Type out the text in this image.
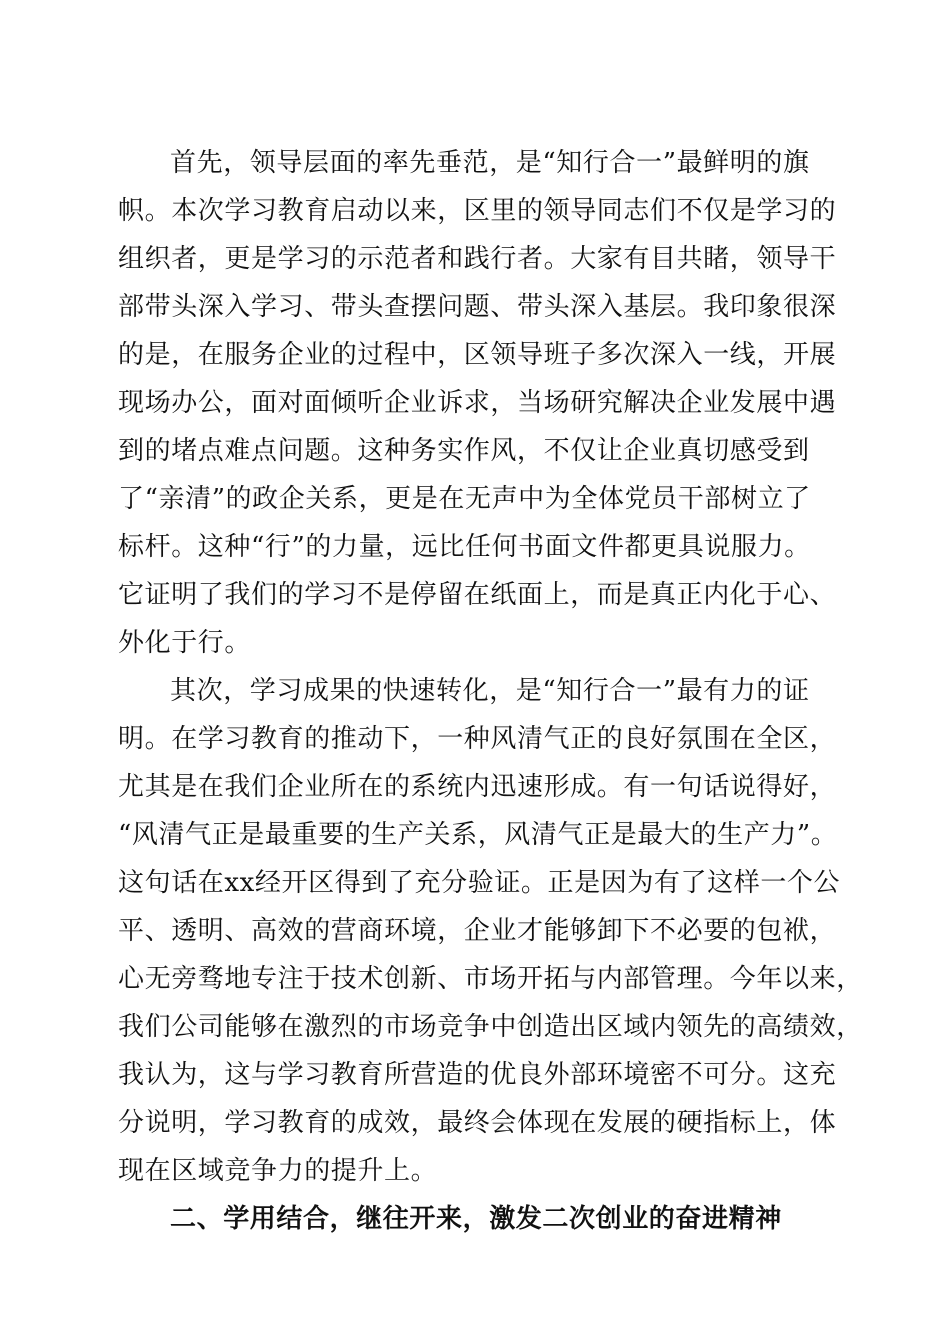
首先，领导层面的率先垂范，是“知行合一”最鲜明的旗
帜。本次学习教育启动以来，区里的领导同志们不仅是学习的
组织者，更是学习的示范者和践行者。大家有目共睹，领导干
部带头深入学习、带头查摆问题、带头深入基层。我印象很深
的是，在服务企业的过程中，区领导班子多次深入一线，开展
现场办公，面对面倾听企业诉求，当场研究解决企业发展中遇
到的堵点难点问题。这种务实作风，不仅让企业真切感受到
了“亲清”的政企关系，更是在无声中为全体党员干部树立了
标杆。这种“行”的力量，远比任何书面文件都更具说服力。
它证明了我们的学习不是停留在纸面上，而是真正内化于心、
外化于行。
其次，学习成果的快速转化，是“知行合一”最有力的证
明。在学习教育的推动下，一种风清气正的良好氛围在全区，
尤其是在我们企业所在的系统内迅速形成。有一句话说得好，
“风清气正是最重要的生产关系，风清气正是最大的生产力”。
这句话在xx经开区得到了充分验证。正是因为有了这样一个公
平、透明、高效的营商环境，企业才能够卸下不必要的包袱，
心无旁骛地专注于技术创新、市场开拓与内部管理。今年以来，
我们公司能够在激烈的市场竞争中创造出区域内领先的高绩效，
我认为，这与学习教育所营造的优良外部环境密不可分。这充
分说明，学习教育的成效，最终会体现在发展的硬指标上，体
现在区域竞争力的提升上。
二、学用结合，继往开来，激发二次创业的奋进精神
